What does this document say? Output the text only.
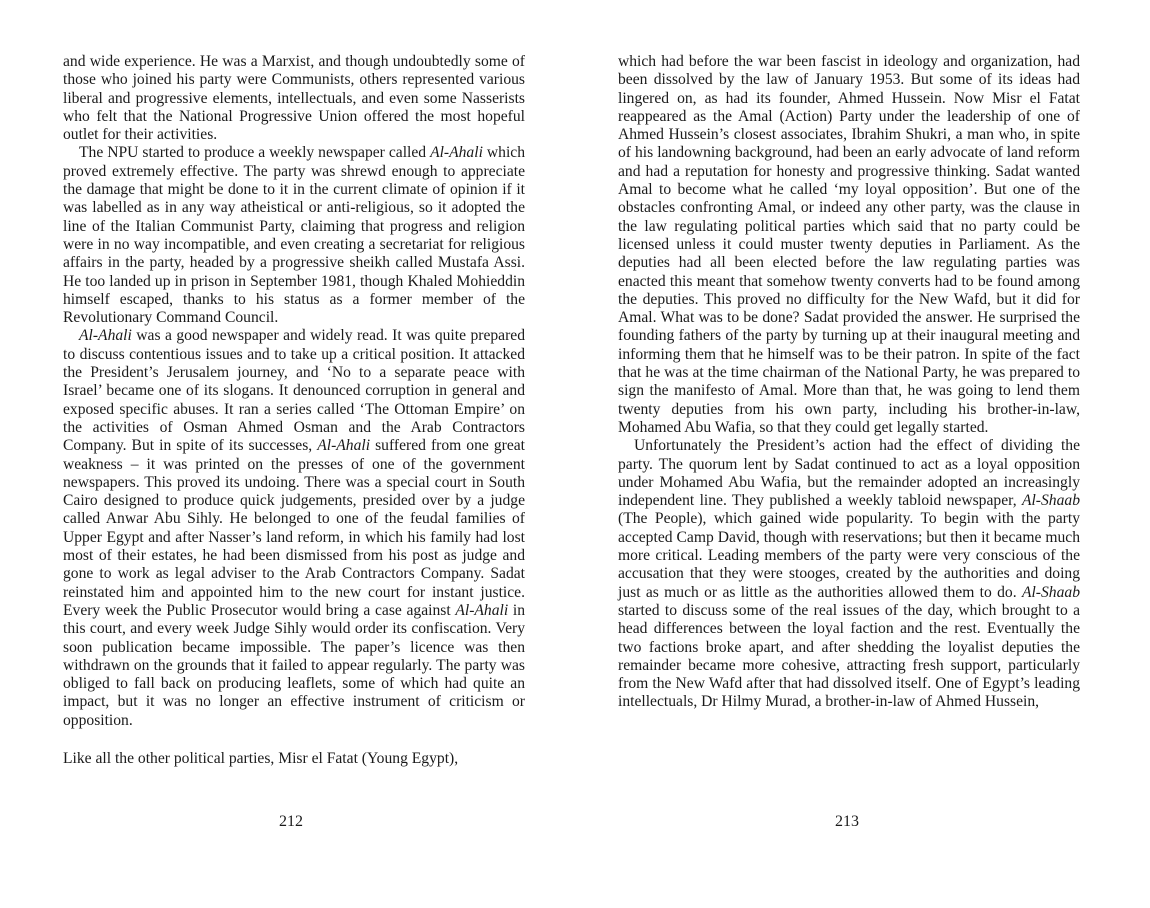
and wide experience. He was a Marxist, and though undoubtedly some of those who joined his party were Communists, others represented various liberal and progressive elements, intellectuals, and even some Nasserists who felt that the National Progressive Union offered the most hopeful outlet for their activities.

The NPU started to produce a weekly newspaper called Al-Ahali which proved extremely effective. The party was shrewd enough to appreciate the damage that might be done to it in the current climate of opinion if it was labelled as in any way atheistical or anti-religious, so it adopted the line of the Italian Communist Party, claiming that progress and religion were in no way incompatible, and even creating a secretariat for religious affairs in the party, headed by a progressive sheikh called Mustafa Assi. He too landed up in prison in September 1981, though Khaled Mohieddin himself escaped, thanks to his status as a former member of the Revolutionary Command Council.

Al-Ahali was a good newspaper and widely read. It was quite prepared to discuss contentious issues and to take up a critical position. It attacked the President’s Jerusalem journey, and ‘No to a separate peace with Israel’ became one of its slogans. It denounced corruption in general and exposed specific abuses. It ran a series called ‘The Ottoman Empire’ on the activities of Osman Ahmed Osman and the Arab Contractors Company. But in spite of its successes, Al-Ahali suffered from one great weakness – it was printed on the presses of one of the government newspapers. This proved its undoing. There was a special court in South Cairo designed to produce quick judgements, presided over by a judge called Anwar Abu Sihly. He belonged to one of the feudal families of Upper Egypt and after Nasser’s land reform, in which his family had lost most of their estates, he had been dismissed from his post as judge and gone to work as legal adviser to the Arab Contractors Company. Sadat reinstated him and appointed him to the new court for instant justice. Every week the Public Prosecutor would bring a case against Al-Ahali in this court, and every week Judge Sihly would order its confiscation. Very soon publication became impossible. The paper’s licence was then withdrawn on the grounds that it failed to appear regularly. The party was obliged to fall back on producing leaflets, some of which had quite an impact, but it was no longer an effective instrument of criticism or opposition.

Like all the other political parties, Misr el Fatat (Young Egypt),

212

which had before the war been fascist in ideology and organization, had been dissolved by the law of January 1953. But some of its ideas had lingered on, as had its founder, Ahmed Hussein. Now Misr el Fatat reappeared as the Amal (Action) Party under the leadership of one of Ahmed Hussein’s closest associates, Ibrahim Shukri, a man who, in spite of his landowning background, had been an early advocate of land reform and had a reputation for honesty and progressive thinking. Sadat wanted Amal to become what he called ‘my loyal opposition’. But one of the obstacles confronting Amal, or indeed any other party, was the clause in the law regulating political parties which said that no party could be licensed unless it could muster twenty deputies in Parliament. As the deputies had all been elected before the law regulating parties was enacted this meant that somehow twenty converts had to be found among the deputies. This proved no difficulty for the New Wafd, but it did for Amal. What was to be done? Sadat provided the answer. He surprised the founding fathers of the party by turning up at their inaugural meeting and informing them that he himself was to be their patron. In spite of the fact that he was at the time chairman of the National Party, he was prepared to sign the manifesto of Amal. More than that, he was going to lend them twenty deputies from his own party, including his brother-in-law, Mohamed Abu Wafia, so that they could get legally started.

Unfortunately the President’s action had the effect of dividing the party. The quorum lent by Sadat continued to act as a loyal opposition under Mohamed Abu Wafia, but the remainder adopted an increasingly independent line. They published a weekly tabloid newspaper, Al-Shaab (The People), which gained wide popularity. To begin with the party accepted Camp David, though with reservations; but then it became much more critical. Leading members of the party were very conscious of the accusation that they were stooges, created by the authorities and doing just as much or as little as the authorities allowed them to do. Al-Shaab started to discuss some of the real issues of the day, which brought to a head differences between the loyal faction and the rest. Eventually the two factions broke apart, and after shedding the loyalist deputies the remainder became more cohesive, attracting fresh support, particularly from the New Wafd after that had dissolved itself. One of Egypt’s leading intellectuals, Dr Hilmy Murad, a brother-in-law of Ahmed Hussein,

213
